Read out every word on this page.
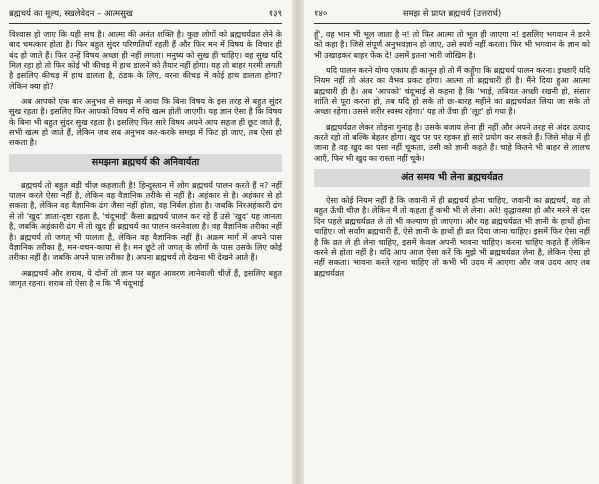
ब्रह्मचर्य का मूल्य, स्खलेवेदन – आत्मसुख	१३९

विश्वास हो जाए कि यही सच है। आत्मा की अनंत शक्ति है। कुछ लोगों को ब्रह्मचर्यव्रत लेने के बाद चमत्कार होता है। फिर बहुत सुंदर परिणतियाँ रहती हैं और फिर मन में विषय के विचार ही बंद हो जाते हैं। फिर उन्हें विषय अच्छा ही नहीं लगता। मनुष्य को सुख ही चाहिए। वह सुख यदि मिल रहा हो तो फिर कोई भी कीचड़ में हाथ डालने को तैयार नहीं होगा। यह तो बाहर गरमी लगती है इसलिए कीचड़ में हाथ डालता है, ठंडक के लिए, वरना कीचड़ में कोई हाथ डालता होगा? लेकिन क्या हो?

अब आपको एक बार अनुभव से समझ में आया कि बिना विषय के इस तरह से बहुत सुंदर सुख रहता है। इसलिए फिर आपको विषय में रुचि खत्म होती जाएगी। यह ज्ञान ऐसा है कि विषय के बिना भी बहुत सुंदर सुख रहता है। इसलिए फिर सारे विषय अपने आप सहज ही छूट जाते हैं, सभी खत्म हो जाते हैं, लेकिन जब सब अनुभव कर-करके समझ में फिट हो जाए, तब ऐसा हो सकता है।

समझना ब्रह्मचर्य की अनिवार्यता

ब्रह्मचर्य तो बहुत बड़ी चीज़ कहलाती है! हिन्दुस्तान में लोग ब्रह्मचर्य पालन करते हैं न? नहीं पालन करते ऐसा नहीं है, लेकिन वह वैज्ञानिक तरीके से नहीं है। अहंकार से है। अहंकार से हो सकता है, लेकिन वह वैज्ञानिक ढंग जैसा नहीं होता, वह निर्बल होता है। जबकि निरअहंकारी ढंग से तो 'खुद' ज्ञाता-दृष्टा रहता है, 'चंदूभाई' कैसा ब्रह्मचर्य पालन कर रहे हैं उसे 'खुद' यह जानता है, जबकि अहंकारी ढंग में तो खुद ही ब्रह्मचर्य का पालन करनेवाला है। वह वैज्ञानिक तरीका नहीं है। ब्रह्मचर्य तो जगत् भी पालता है, लेकिन वह वैज्ञानिक नहीं है। अक्रम मार्ग में अपने पास वैज्ञानिक तरीका है, मन-वचन-काया से है। मन छूटे तो जगत् के लोगों के पास उसके लिए कोई तरीका नहीं है। जबकि अपने पास तरीका है। अपना ब्रह्मचर्य तो देखना भी देखने आते हैं।

अब्रह्मचर्य और शराब, ये दोनों तो ज्ञान पर बहुत आवरण लानेवाली चीज़ें हैं, इसलिए बहुत जागृत रहना। शराब तो ऐसा है न कि 'मैं चंदूभाई

१४०	समझ से प्राप्त ब्रह्मचर्य (उत्तरार्ध)

हूँ', वह भान भी भूल जाता है न! तो फिर आत्मा तो भूल ही जाएगा न! इसलिए भगवान ने डरने को कहा है। जिसे संपूर्ण अनुभवज्ञान हो जाए, उसे स्पर्श नहीं करता। फिर भी भगवान के ज्ञान को भी उखाड़कर बाहर फेंक दे! उसमें इतना भारी जोखिम है।

यदि पालन करने योग्य एकाध ही कानून हो तो मैं कहूँगा कि ब्रह्मचर्य पालन करना। इच्छाएँ यदि नियम नहीं तो अंतर का वैभव प्रकट होगा। आत्मा तो ब्रह्मचारी ही है। मैंने दिया हुआ आत्मा ब्रह्मचारी ही है। अब 'आपको' चंदूभाई से कहना है कि 'भाई, तबियत अच्छी रखनी हो, संसार शांति से पूरा करना हो, तब यदि हो सके तो छः-बारह महीने का ब्रह्मचर्यव्रत लिया जा सके तो अच्छा रहेगा। उससे शरीर स्वस्थ रहेगा।' यह तो उँचा ही 'लूट' हो गया है।

ब्रह्मचर्यव्रत लेकर तोड़ना गुनाह है। उसके बजाय लेना ही नहीं और अपने तरह से अंदर उत्पाद करते रहो तो बल्कि बेहतर होगा। खुद पर पर रहकर हो सारे प्रयोग कर सकते हैं। जिसे मोक्ष में ही जाना है वह खुद का पसा नहीं चूकता, उसी को ज्ञानी कहते हैं। चाहे कितने भी बाहर से लालच आएँ, फिर भी खुद का रास्ता नहीं चूके।

अंत समय भी लेना ब्रह्मचर्यव्रत

ऐसा कोई नियम नहीं है कि जवानी में ही ब्रह्मचर्य होना चाहिए, जवानी का ब्रह्मचर्य, वह तो बहुत ऊँची चीज़ है। लेकिन मैं तो कहता हूँ कभी भी ले लेना। अरे! वृद्धावस्था हो और मरने से दस दिन पहले ब्रह्मचर्यव्रत ले तो भी कल्याण हो जाएगा। और यह ब्रह्मचर्यव्रत भी ज्ञानी के हाथों होना चाहिए। जो सर्वांग ब्रह्मचारी हैं, ऐसे ज्ञानी के हाथों ही व्रत दिया जाना चाहिए। इसमें फिर ऐसा नहीं है कि व्रत ले ही लेना चाहिए, इसमें केवल अपनी भावना चाहिए। करना चाहिए कहते हैं लेकिन करने से होता नहीं है। यदि आप आज ऐसा करें कि मुझे भी ब्रह्मचर्यव्रत लेना है, लेकिन ऐसा हो नहीं सकता। भावना करते रहना चाहिए तो कभी भी उदय में आएगा और जब उदय आए तब ब्रह्मचर्यव्रत
